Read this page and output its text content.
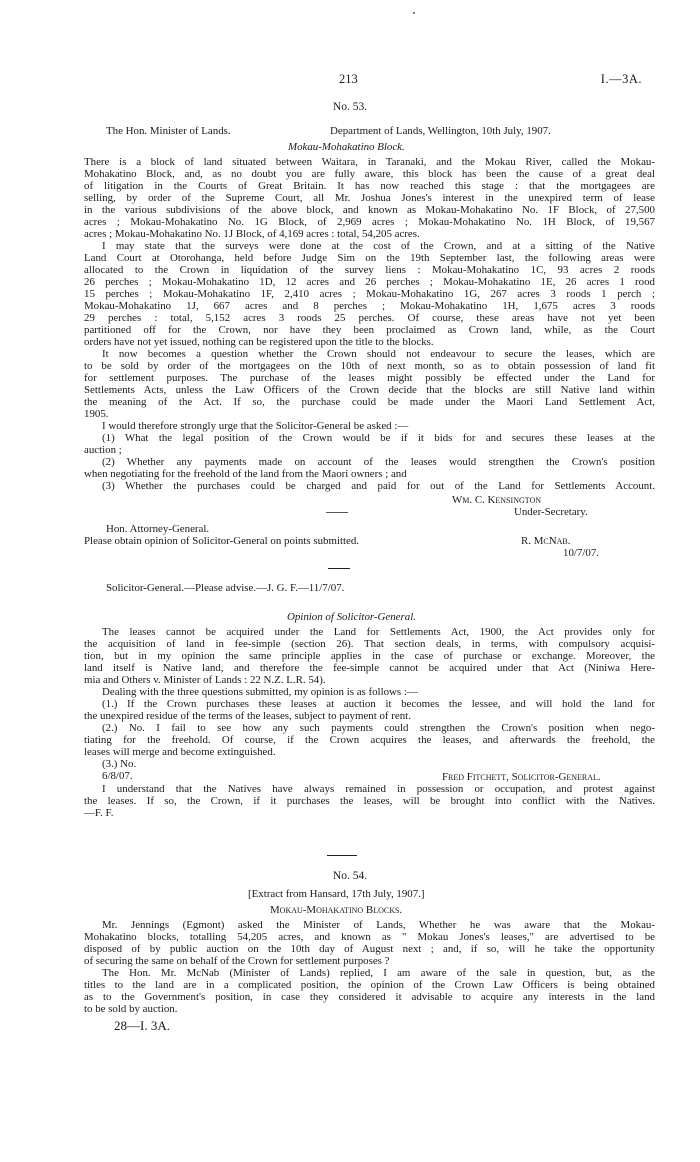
213	I.—3A.
No. 53.
The Hon. Minister of Lands.	Department of Lands, Wellington, 10th July, 1907.
Mokau-Mohakatino Block.
There is a block of land situated between Waitara, in Taranaki, and the Mokau River, called the Mokau-
Mohakatino Block, and, as no doubt you are fully aware, this block has been the cause of a great deal
of litigation in the Courts of Great Britain. It has now reached this stage : that the mortgagees are
selling, by order of the Supreme Court, all Mr. Joshua Jones's interest in the unexpired term of lease
in the various subdivisions of the above block, and known as Mokau-Mohakatino No. 1F Block, of 27,500
acres ; Mokau-Mohakatino No. 1G Block, of 2,969 acres ; Mokau-Mohakatino No. 1H Block, of 19,567
acres ; Mokau-Mohakatino No. 1J Block, of 4,169 acres : total, 54,205 acres.
I may state that the surveys were done at the cost of the Crown, and at a sitting of the Native
Land Court at Otorohanga, held before Judge Sim on the 19th September last, the following areas were
allocated to the Crown in liquidation of the survey liens : Mokau-Mohakatino 1C, 93 acres 2 roods
26 perches ; Mokau-Mohakatino 1D, 12 acres and 26 perches ; Mokau-Mohakatino 1E, 26 acres 1 rood
15 perches ; Mokau-Mohakatino 1F, 2,410 acres ; Mokau-Mohakatino 1G, 267 acres 3 roods 1 perch ;
Mokau-Mohakatino 1J, 667 acres and 8 perches ; Mokau-Mohakatino 1H, 1,675 acres 3 roods
29 perches : total, 5,152 acres 3 roods 25 perches. Of course, these areas have not yet been
partitioned off for the Crown, nor have they been proclaimed as Crown land, while, as the Court
orders have not yet issued, nothing can be registered upon the title to the blocks.
It now becomes a question whether the Crown should not endeavour to secure the leases, which are
to be sold by order of the mortgagees on the 10th of next month, so as to obtain possession of land fit
for settlement purposes. The purchase of the leases might possibly be effected under the Land for
Settlements Acts, unless the Law Officers of the Crown decide that the blocks are still Native land within
the meaning of the Act. If so, the purchase could be made under the Maori Land Settlement Act,
1905.
I would therefore strongly urge that the Solicitor-General be asked :—
(1) What the legal position of the Crown would be if it bids for and secures these leases at the
auction ;
(2) Whether any payments made on account of the leases would strengthen the Crown's position
when negotiating for the freehold of the land from the Maori owners ; and
(3) Whether the purchases could be charged and paid for out of the Land for Settlements Account.
Wm. C. Kensington
Under-Secretary.
Hon. Attorney-General.
Please obtain opinion of Solicitor-General on points submitted.	R. McNab.
10/7/07.
Solicitor-General.—Please advise.—J. G. F.—11/7/07.
Opinion of Solicitor-General.
The leases cannot be acquired under the Land for Settlements Act, 1900, the Act provides only for
the acquisition of land in fee-simple (section 26). That section deals, in terms, with compulsory acquisi-
tion, but in my opinion the same principle applies in the case of purchase or exchange. Moreover, the
land itself is Native land, and therefore the fee-simple cannot be acquired under that Act (Niniwa Here-
mia and Others v. Minister of Lands : 22 N.Z. L.R. 54).
Dealing with the three questions submitted, my opinion is as follows :—
(1.) If the Crown purchases these leases at auction it becomes the lessee, and will hold the land for
the unexpired residue of the terms of the leases, subject to payment of rent.
(2.) No. I fail to see how any such payments could strengthen the Crown's position when nego-
tiating for the freehold. Of course, if the Crown acquires the leases, and afterwards the freehold, the
leases will merge and become extinguished.
(3.) No.
6/8/07.	Fred Fitchett, Solicitor-General.
I understand that the Natives have always remained in possession or occupation, and protest against
the leases. If so, the Crown, if it purchases the leases, will be brought into conflict with the Natives.
—F. F.
No. 54.
[Extract from Hansard, 17th July, 1907.]
Mokau-Mohakatino Blocks.
Mr. Jennings (Egmont) asked the Minister of Lands, Whether he was aware that the Mokau-
Mohakatino blocks, totalling 54,205 acres, and known as " Mokau Jones's leases," are advertised to be
disposed of by public auction on the 10th day of August next ; and, if so, will he take the opportunity
of securing the same on behalf of the Crown for settlement purposes ?
The Hon. Mr. McNab (Minister of Lands) replied, I am aware of the sale in question, but, as the
titles to the land are in a complicated position, the opinion of the Crown Law Officers is being obtained
as to the Government's position, in case they considered it advisable to acquire any interests in the land
to be sold by auction.
28—I. 3A.
